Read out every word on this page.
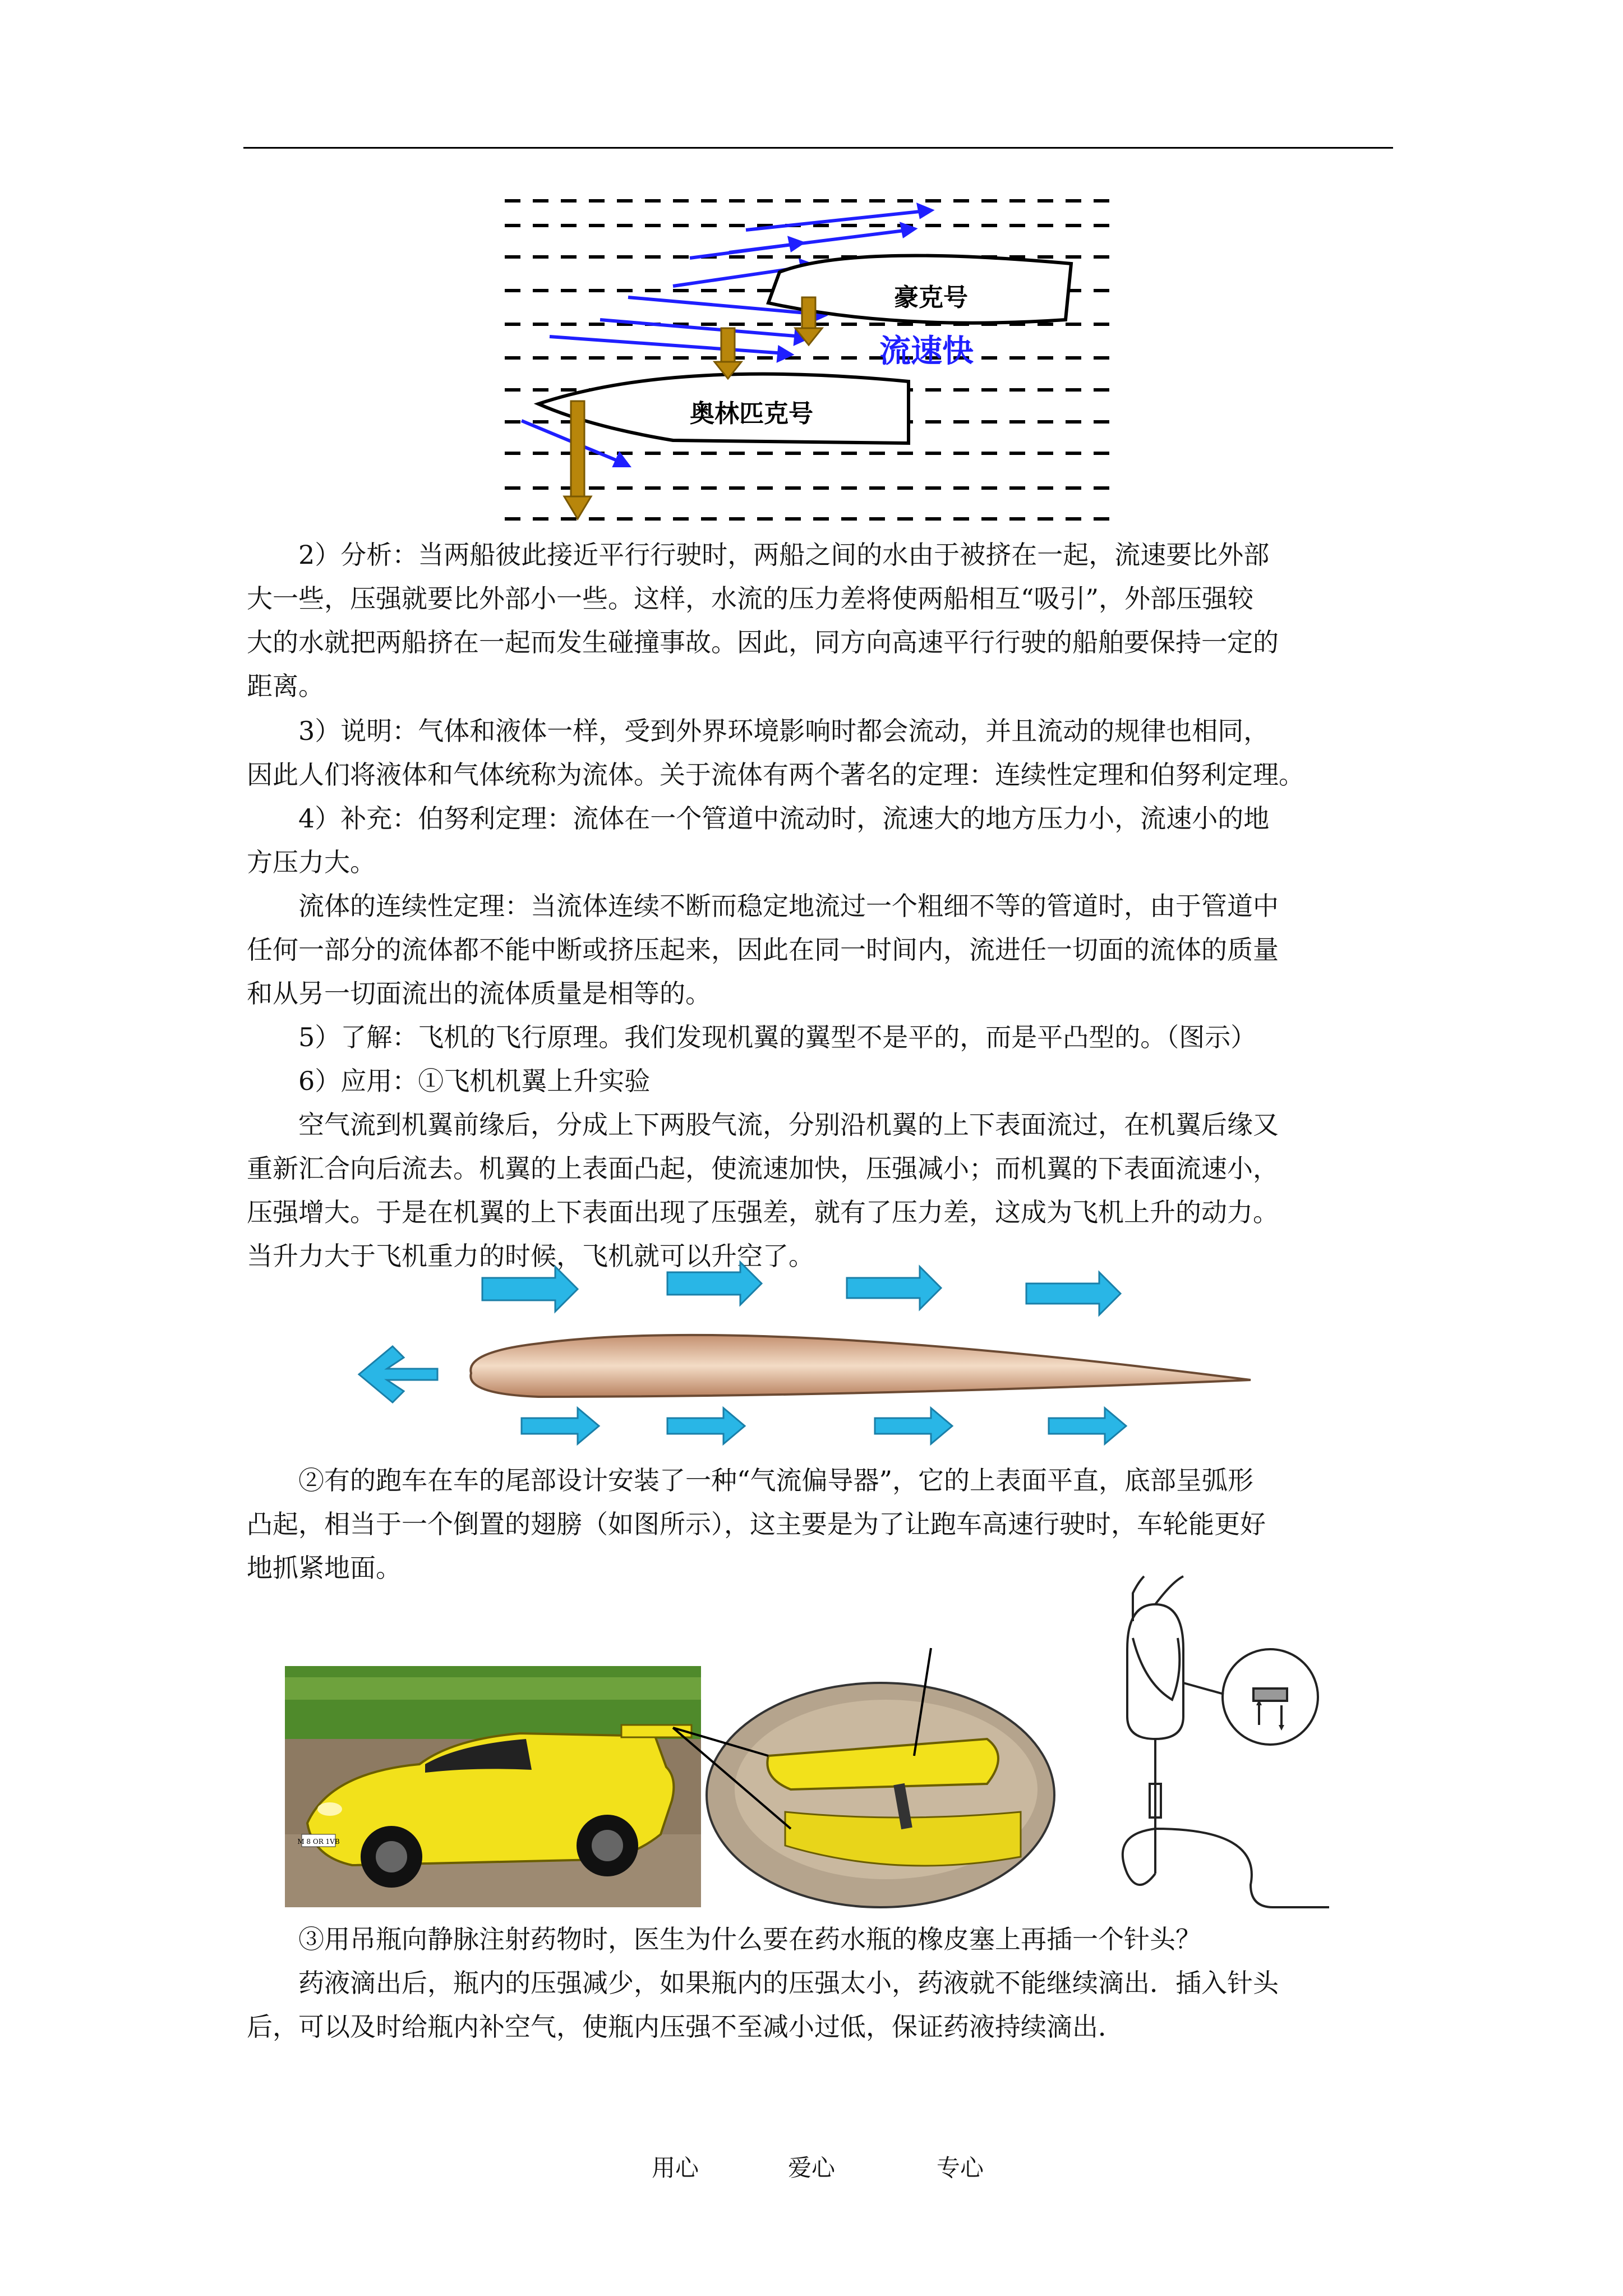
豪克号
奥林匹克号
流速快
2）分析：当两船彼此接近平行行驶时，两船之间的水由于被挤在一起，流速要比外部
大一些，压强就要比外部小一些。这样，水流的压力差将使两船相互“吸引”，外部压强较
大的水就把两船挤在一起而发生碰撞事故。因此，同方向高速平行行驶的船舶要保持一定的
距离。
3）说明：气体和液体一样，受到外界环境影响时都会流动，并且流动的规律也相同，
因此人们将液体和气体统称为流体。关于流体有两个著名的定理：连续性定理和伯努利定理。
4）补充：伯努利定理：流体在一个管道中流动时，流速大的地方压力小，流速小的地
方压力大。
流体的连续性定理：当流体连续不断而稳定地流过一个粗细不等的管道时，由于管道中
任何一部分的流体都不能中断或挤压起来，因此在同一时间内，流进任一切面的流体的质量
和从另一切面流出的流体质量是相等的。
5）了解：飞机的飞行原理。我们发现机翼的翼型不是平的，而是平凸型的。（图示）
6）应用：①飞机机翼上升实验
空气流到机翼前缘后，分成上下两股气流，分别沿机翼的上下表面流过，在机翼后缘又
重新汇合向后流去。机翼的上表面凸起，使流速加快，压强减小；而机翼的下表面流速小，
压强增大。于是在机翼的上下表面出现了压强差，就有了压力差，这成为飞机上升的动力。
当升力大于飞机重力的时候，飞机就可以升空了。
②有的跑车在车的尾部设计安装了一种“气流偏导器”，它的上表面平直，底部呈弧形
凸起，相当于一个倒置的翅膀（如图所示），这主要是为了让跑车高速行驶时，车轮能更好
地抓紧地面。
M 8 OR 1VB
③用吊瓶向静脉注射药物时，医生为什么要在药水瓶的橡皮塞上再插一个针头？
药液滴出后，瓶内的压强减少，如果瓶内的压强太小，药液就不能继续滴出．插入针头
后，可以及时给瓶内补空气，使瓶内压强不至减小过低，保证药液持续滴出．
用心	爱心	专心
